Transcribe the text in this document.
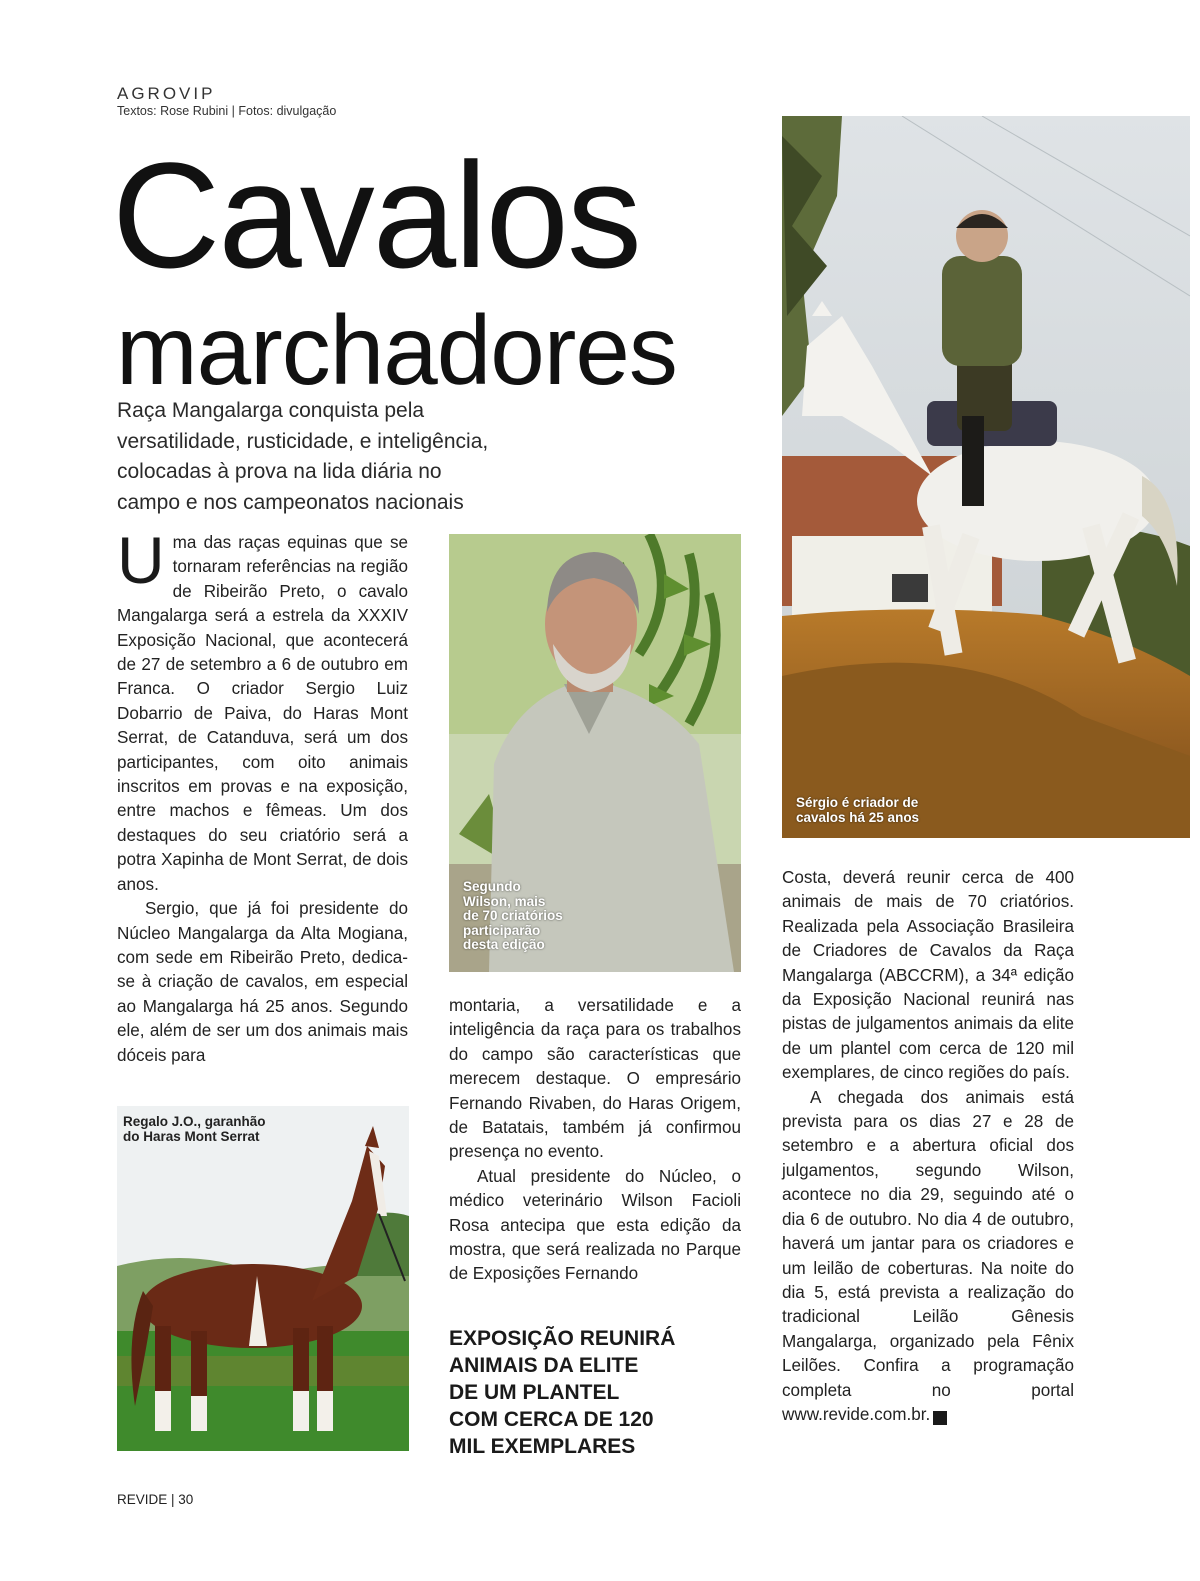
AGROVIP
Textos: Rose Rubini | Fotos: divulgação
Cavalos
marchadores

Raça Mangalarga conquista pela
versatilidade, rusticidade, e inteligência,
colocadas à prova na lida diária no
campo e nos campeonatos nacionais

Sérgio é criador de
cavalos há 25 anos
Segundo
Wilson, mais
de 70 criatórios
participarão
desta edição
Regalo J.O., garanhão
do Haras Mont Serrat

Uma das raças equinas que se tornaram referências na região de Ribeirão Preto, o cavalo Mangalarga será a estrela da XXXIV Exposição Nacional, que acontecerá de 27 de setembro a 6 de outubro em Franca. O criador Sergio Luiz Dobarrio de Paiva, do Haras Mont Serrat, de Catanduva, será um dos participantes, com oito animais inscritos em provas e na exposição, entre machos e fêmeas. Um dos destaques do seu criatório será a potra Xapinha de Mont Serrat, de dois anos.

Sergio, que já foi presidente do Núcleo Mangalarga da Alta Mogiana, com sede em Ribeirão Preto, dedica-se à criação de cavalos, em especial ao Mangalarga há 25 anos. Segundo ele, além de ser um dos animais mais dóceis para

montaria, a versatilidade e a inteligência da raça para os trabalhos do campo são características que merecem destaque. O empresário Fernando Rivaben, do Haras Origem, de Batatais, também já confirmou presença no evento.

Atual presidente do Núcleo, o médico veterinário Wilson Facioli Rosa antecipa que esta edição da mostra, que será realizada no Parque de Exposições Fernando

EXPOSIÇÃO REUNIRÁ
ANIMAIS DA ELITE
DE UM PLANTEL
COM CERCA DE 120
MIL EXEMPLARES

Costa, deverá reunir cerca de 400 animais de mais de 70 criatórios. Realizada pela Associação Brasileira de Criadores de Cavalos da Raça Mangalarga (ABCCRM), a 34ª edição da Exposição Nacional reunirá nas pistas de julgamentos animais da elite de um plantel com cerca de 120 mil exemplares, de cinco regiões do país.

A chegada dos animais está prevista para os dias 27 e 28 de setembro e a abertura oficial dos julgamentos, segundo Wilson, acontece no dia 29, seguindo até o dia 6 de outubro. No dia 4 de outubro, haverá um jantar para os criadores e um leilão de coberturas. Na noite do dia 5, está prevista a realização do tradicional Leilão Gênesis Mangalarga, organizado pela Fênix Leilões. Confira a programação completa no portal www.revide.com.br.	r

REVIDE | 30
